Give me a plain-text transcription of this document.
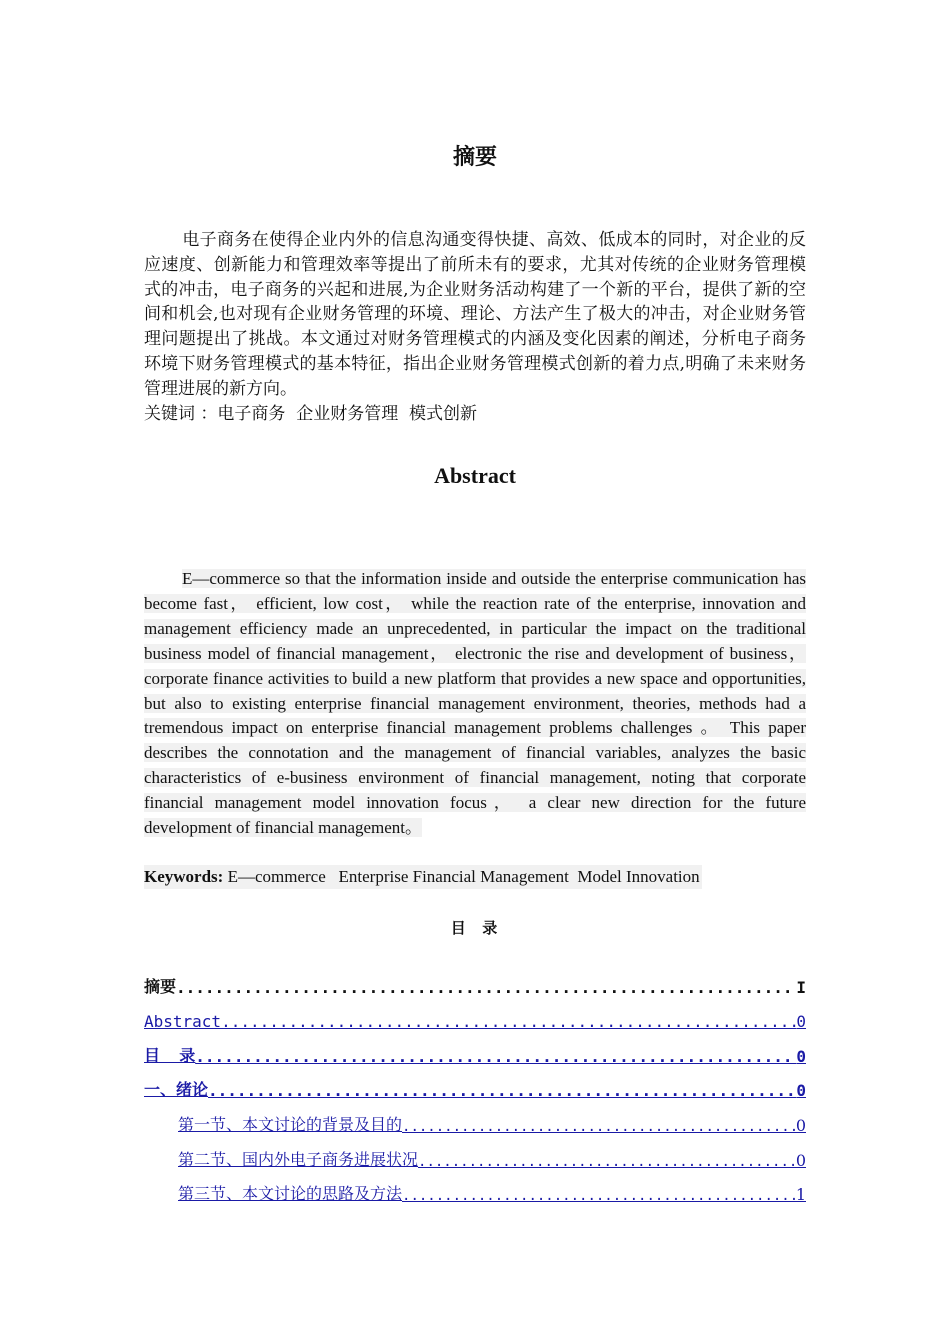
摘要
电子商务在使得企业内外的信息沟通变得快捷、高效、低成本的同时，对企业的反应速度、创新能力和管理效率等提出了前所未有的要求，尤其对传统的企业财务管理模式的冲击，电子商务的兴起和进展,为企业财务活动构建了一个新的平台，提供了新的空间和机会,也对现有企业财务管理的环境、理论、方法产生了极大的冲击，对企业财务管理问题提出了挑战。本文通过对财务管理模式的内涵及变化因素的阐述，分析电子商务环境下财务管理模式的基本特征，指出企业财务管理模式创新的着力点,明确了未来财务管理进展的新方向。
关键词 ：电子商务  企业财务管理  模式创新
Abstract
E—commerce so that the information inside and outside the enterprise communication has become fast， efficient, low cost， while the reaction rate of the enterprise, innovation and management efficiency made an unprecedented, in particular the impact on the traditional business model of financial management， electronic the rise and development of business， corporate finance activities to build a new platform that provides a new space and opportunities, but also to existing enterprise financial management environment, theories, methods had a tremendous impact on enterprise financial management problems challenges 。 This paper describes the connotation and the management of financial variables, analyzes the basic characteristics of e-business environment of financial management, noting that corporate financial management model innovation focus， a clear new direction for the future development of financial management。
Keywords: E—commerce   Enterprise Financial Management  Model Innovation
目  录
摘要 .....	I
Abstract .....	0
目  录 .....	0
一、绪论 .....	0
第一节、本文讨论的背景及目的 .....	0
第二节、国内外电子商务进展状况 .....	0
第三节、本文讨论的思路及方法 .....	1
